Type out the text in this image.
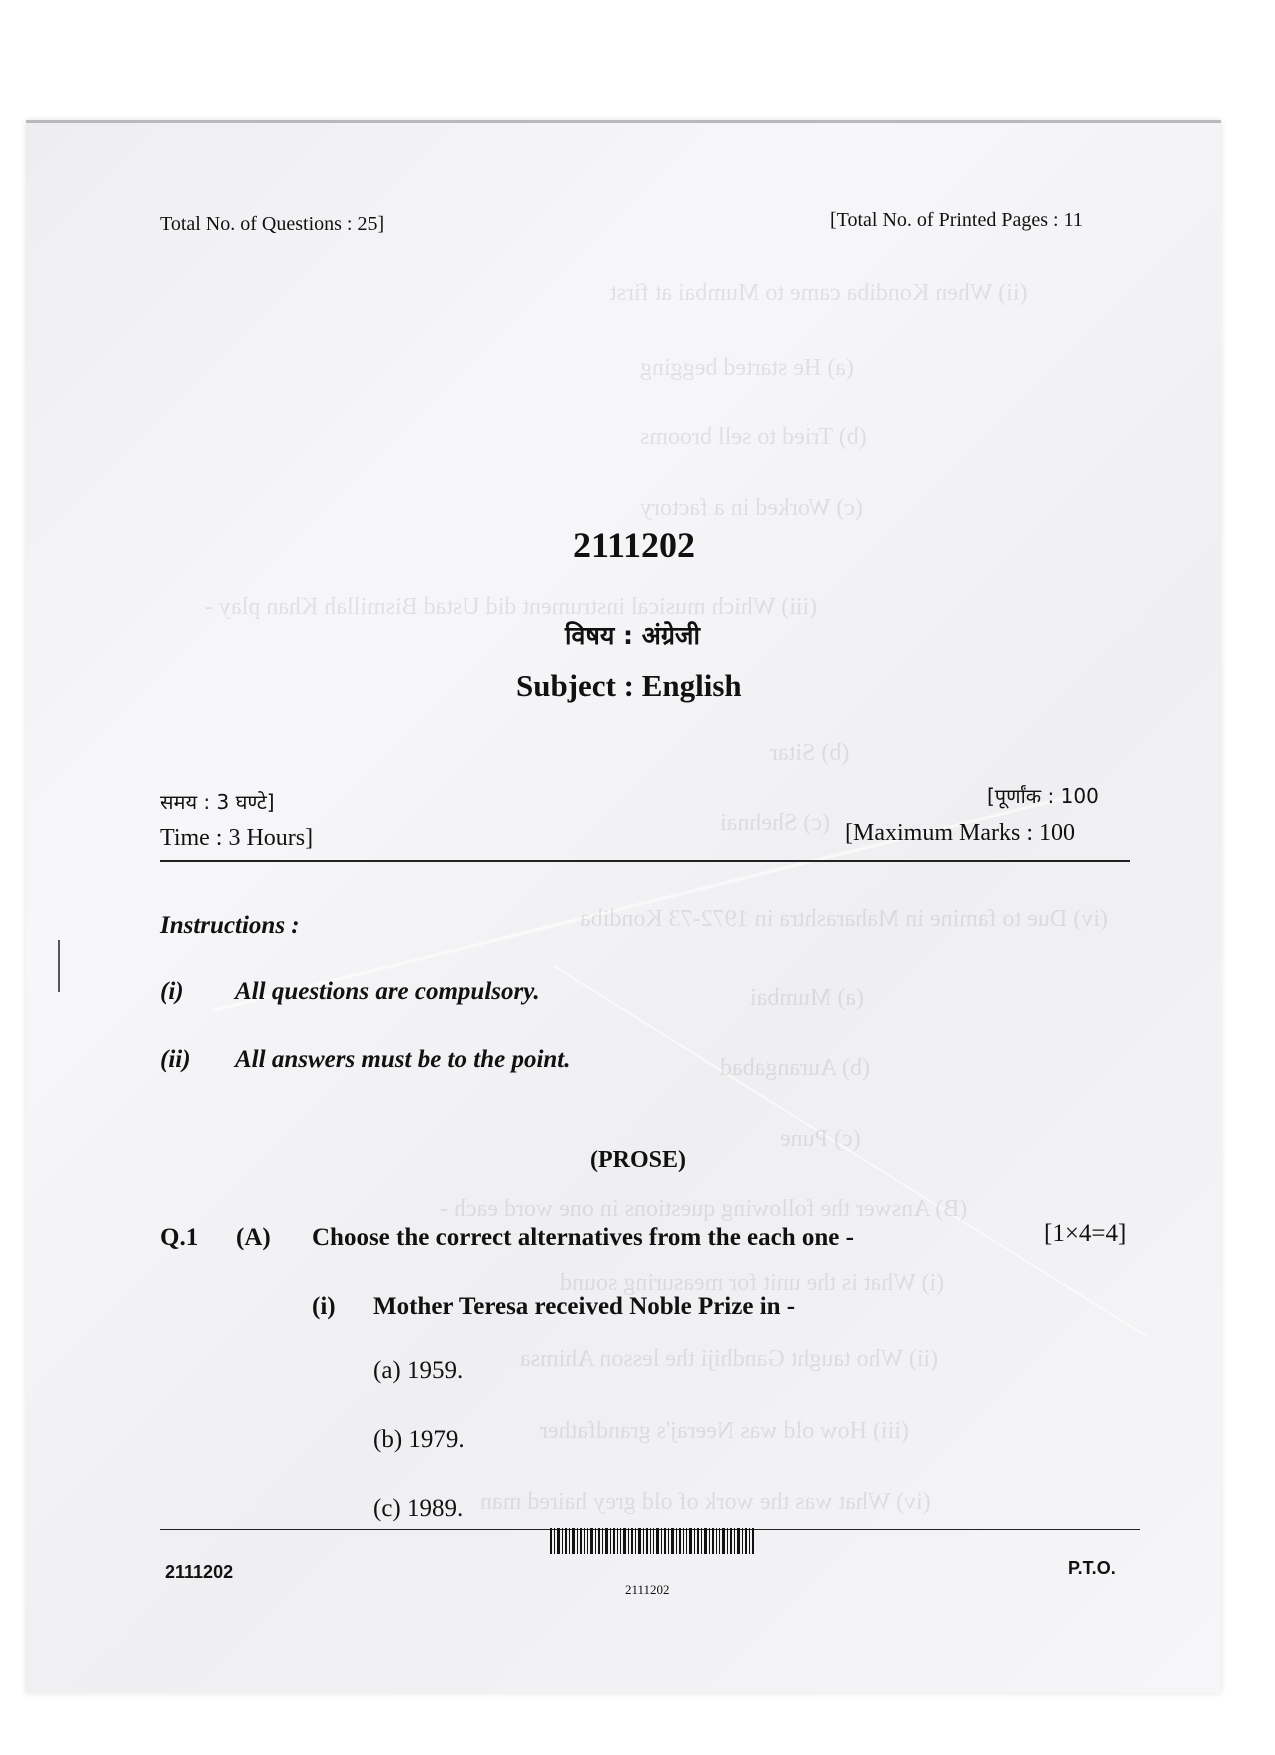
(ii) When Kondiba came to Mumbai at first
(a) He started begging
(b) Tried to sell brooms
(c) Worked in a factory
(iii) Which musical instrument did Ustad Bismillah Khan play -
(b) Sitar
(c) Shehnai
(iv) Due to famine in Maharashtra in 1972-73 Kondiba
(a) Mumbai
(b) Aurangabad
(c) Pune
(B) Answer the following questions in one word each -
(i) What is the unit for measuring sound
(ii) Who taught Gandhiji the lesson Ahimsa
(iii) How old was Neeraj's grandfather
(iv) What was the work of old grey haired man
Total No. of Questions : 25]	[Total No. of Printed Pages : 11
2111202
विषय : अंग्रेजी
Subject : English
समय : 3 घण्टे]	[पूर्णांक : 100
Time : 3 Hours]	[Maximum Marks : 100
Instructions :
(i) All questions are compulsory.
(ii) All answers must be to the point.
(PROSE)
Q.1 (A) Choose the correct alternatives from the each one -	[1×4=4]
(i) Mother Teresa received Noble Prize in -
(a) 1959.
(b) 1979.
(c) 1989.
2111202
2111202
P.T.O.
